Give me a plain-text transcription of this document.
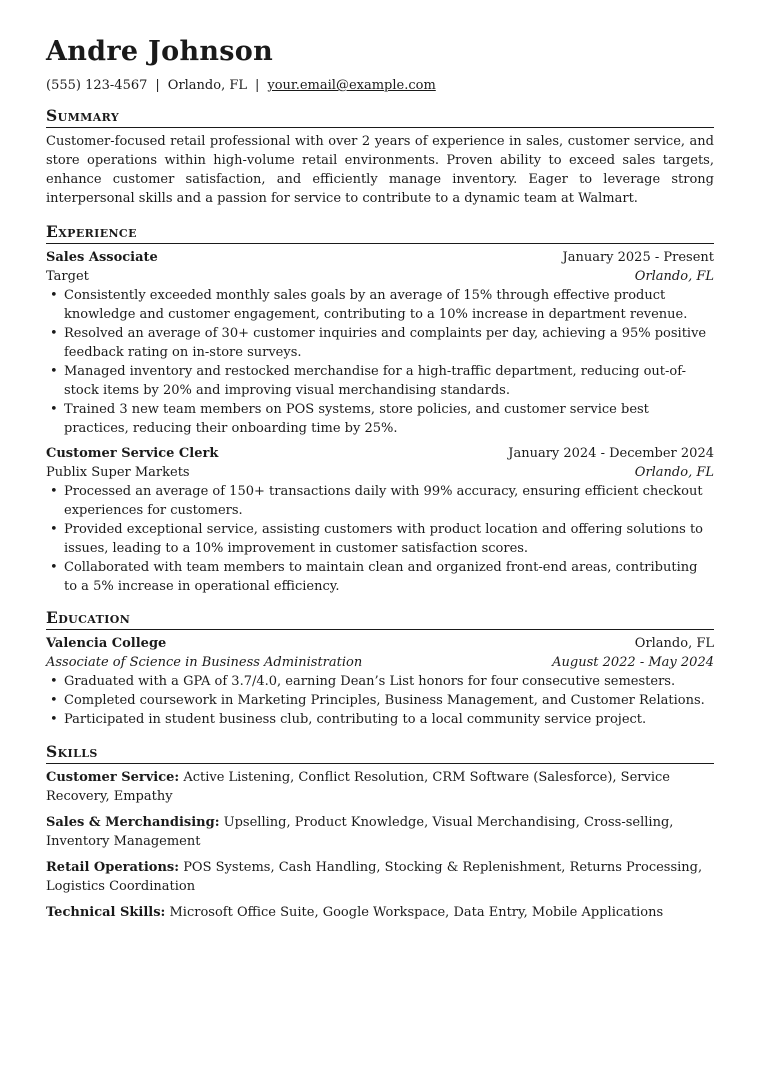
Andre Johnson
(555) 123-4567 | Orlando, FL | your.email@example.com
Summary

Customer-focused retail professional with over 2 years of experience in sales, customer service, and store operations within high-volume retail environments. Proven ability to exceed sales targets, enhance customer satisfaction, and efficiently manage inventory. Eager to leverage strong interpersonal skills and a passion for service to contribute to a dynamic team at Walmart.

Experience
Sales Associate	January 2025 - Present
Target	Orlando, FL
• Consistently exceeded monthly sales goals by an average of 15% through effective product knowledge and customer engagement, contributing to a 10% increase in department revenue.
• Resolved an average of 30+ customer inquiries and complaints per day, achieving a 95% positive feedback rating on in-store surveys.
• Managed inventory and restocked merchandise for a high-traffic department, reducing out-of-stock items by 20% and improving visual merchandising standards.
• Trained 3 new team members on POS systems, store policies, and customer service best practices, reducing their onboarding time by 25%.
Customer Service Clerk	January 2024 - December 2024
Publix Super Markets	Orlando, FL
• Processed an average of 150+ transactions daily with 99% accuracy, ensuring efficient checkout experiences for customers.
• Provided exceptional service, assisting customers with product location and offering solutions to issues, leading to a 10% improvement in customer satisfaction scores.
• Collaborated with team members to maintain clean and organized front-end areas, contributing to a 5% increase in operational efficiency.
Education
Valencia College	Orlando, FL
Associate of Science in Business Administration	August 2022 - May 2024
• Graduated with a GPA of 3.7/4.0, earning Dean’s List honors for four consecutive semesters.
• Completed coursework in Marketing Principles, Business Management, and Customer Relations.
• Participated in student business club, contributing to a local community service project.
Skills

Customer Service: Active Listening, Conflict Resolution, CRM Software (Salesforce), Service Recovery, Empathy

Sales & Merchandising: Upselling, Product Knowledge, Visual Merchandising, Cross-selling, Inventory Management

Retail Operations: POS Systems, Cash Handling, Stocking & Replenishment, Returns Processing, Logistics Coordination

Technical Skills: Microsoft Office Suite, Google Workspace, Data Entry, Mobile Applications
